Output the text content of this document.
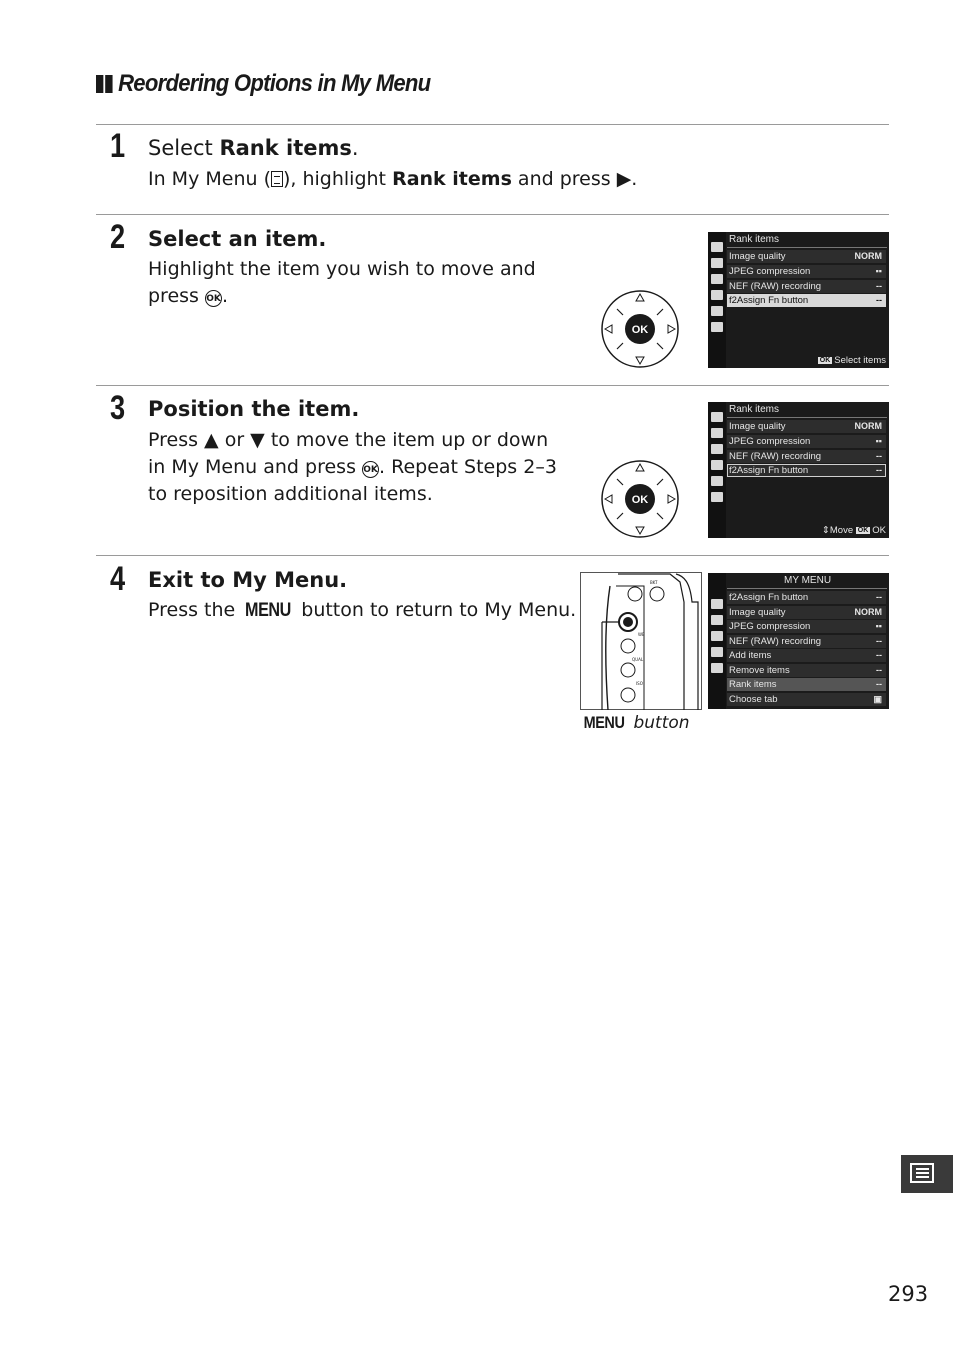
Reordering Options in My Menu
1 Select Rank items.
In My Menu ( ), highlight Rank items and press ▶.
2 Select an item.
Highlight the item you wish to move and
press OK.
OK
Rank items
Image quality	NORM
JPEG compression	▪▪
NEF (RAW) recording	--
f2Assign Fn button	--
OK Select items
3 Position the item.
Press ▲ or ▼ to move the item up or down
in My Menu and press OK. Repeat Steps 2–3
to reposition additional items.	OK
Rank items
Image quality	NORM
JPEG compression	▪▪
NEF (RAW) recording	--
f2Assign Fn button	--
⇕Move OK OK
4 Exit to My Menu.
Press the MENU button to return to My Menu.
BKT
WB
QUAL
ISO
MENU button
MY MENU
f2Assign Fn button	--
Image quality	NORM
JPEG compression	▪▪
NEF (RAW) recording	--
Add items	--
Remove items	--
Rank items	--
Choose tab	▣
293
